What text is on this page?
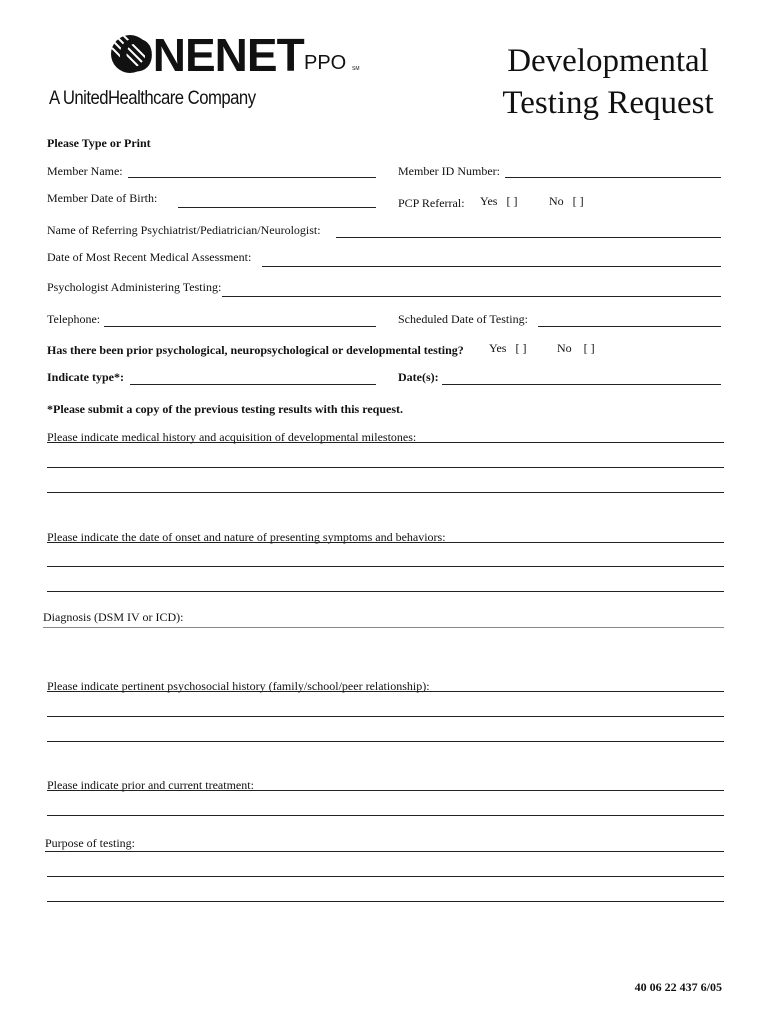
ONENET PPO SM
A UnitedHealthcare Company
Developmental
Testing Request
Please Type or Print
Member Name:	Member ID Number:
Member Date of Birth:	PCP Referral: Yes [ ]	No [ ]
Name of Referring Psychiatrist/Pediatrician/Neurologist:
Date of Most Recent Medical Assessment:
Psychologist Administering Testing:
Telephone:	Scheduled Date of Testing:
Has there been prior psychological, neuropsychological or developmental testing? Yes [ ]	No [ ]
Indicate type*:	Date(s):
*Please submit a copy of the previous testing results with this request.
Please indicate medical history and acquisition of developmental milestones:
Please indicate the date of onset and nature of presenting symptoms and behaviors:
Diagnosis (DSM IV or ICD):
Please indicate pertinent psychosocial history (family/school/peer relationship):
Please indicate prior and current treatment:
Purpose of testing:
40 06 22 437 6/05
